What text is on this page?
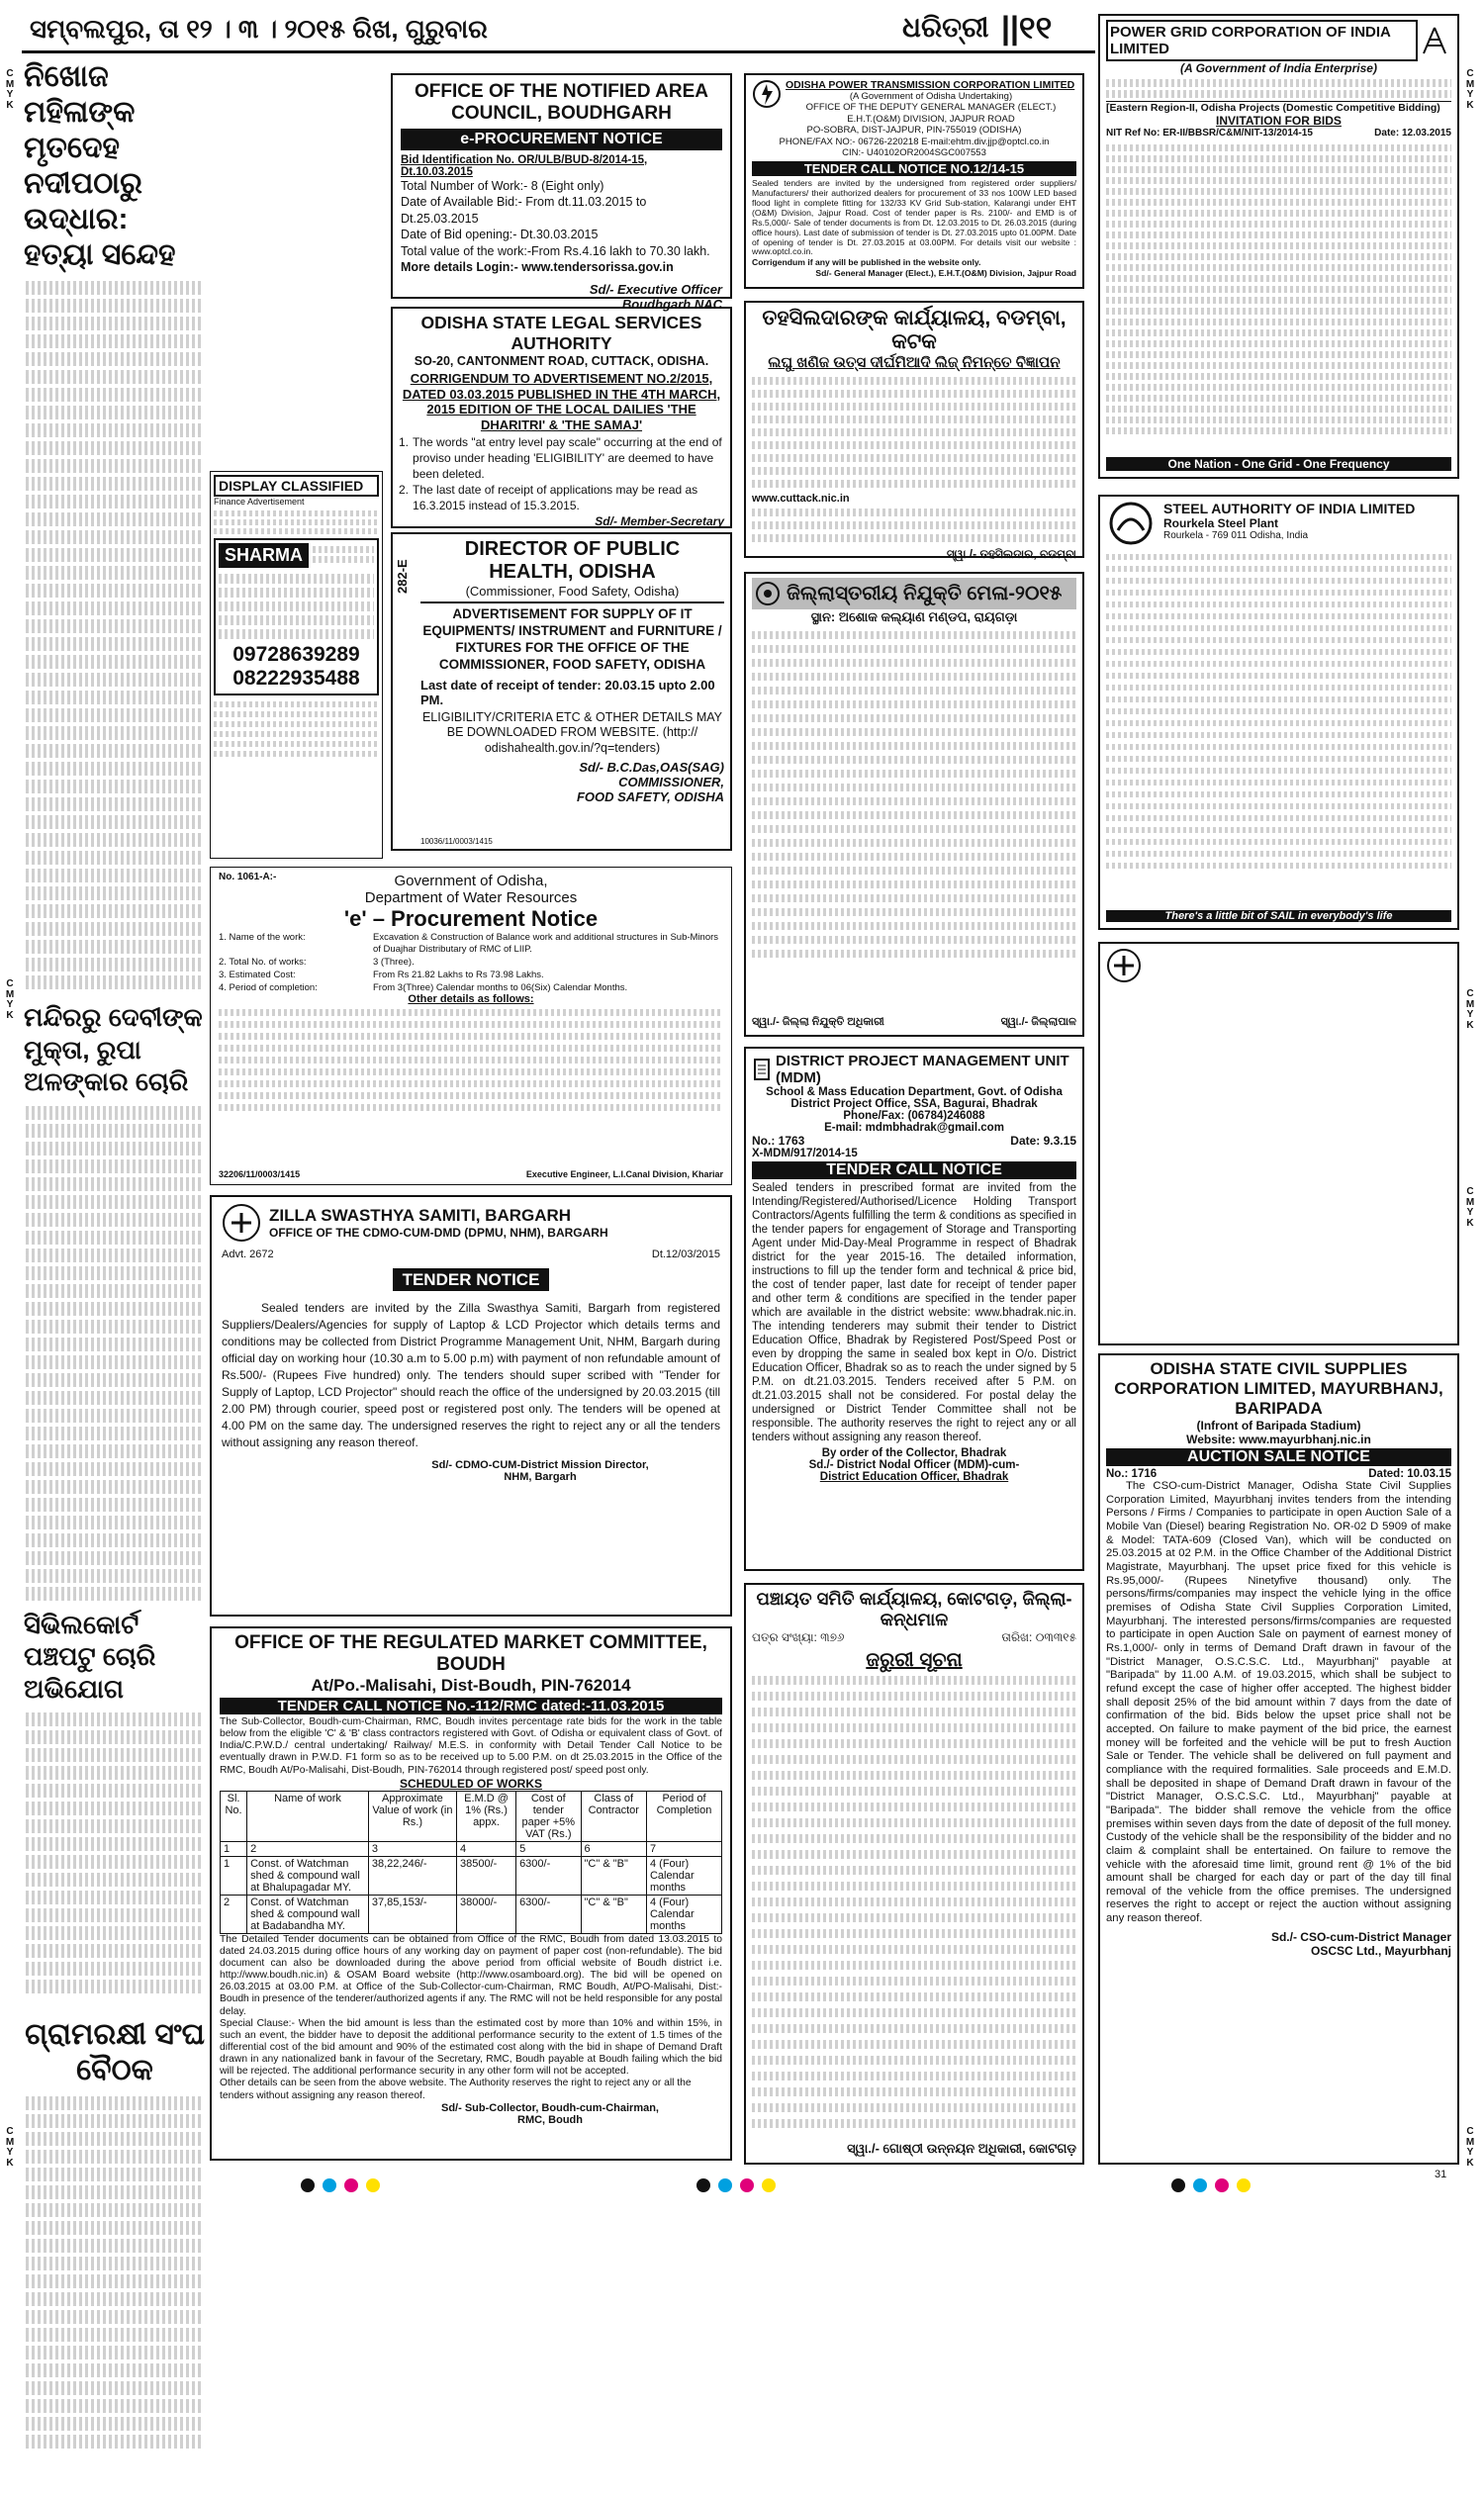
C
M
Y
K
C
M
Y
K
C
M
Y
K
C
M
Y
K
C
M
Y
K
C
M
Y
K
C
M
Y
K
ସମ୍ବଲପୁର, ତା ୧୨ । ୩ । ୨୦୧୫ ରିଖ, ଗୁରୁବାର	ଧରିତ୍ରୀ ||୧୧
ନିଖୋଜ ମହିଳାଙ୍କ ମୃତଦେହ ନଦୀପଠାରୁ ଉଦ୍ଧାର: ହତ୍ୟା ସନ୍ଦେହ
ମନ୍ଦିରରୁ ଦେବୀଙ୍କ ମୁକ୍ତା, ରୁପା ଅଳଙ୍କାର ଚୋରି
ସିଭିଲକୋର୍ଟ ପଞ୍ଚପଟୁ ଚୋରି ଅଭିଯୋଗ
ଗ୍ରାମରକ୍ଷୀ ସଂଘ ବୈଠକ
OFFICE OF THE NOTIFIED AREA COUNCIL, BOUDHGARH
e-PROCUREMENT NOTICE
Bid Identification No. OR/ULB/BUD-8/2014-15, Dt.10.03.2015
Total Number of Work:- 8 (Eight only)
Date of Available Bid:- From dt.11.03.2015 to Dt.25.03.2015
Date of Bid opening:- Dt.30.03.2015
Total value of the work:-From Rs.4.16 lakh to 70.30 lakh.
More details Login:- www.tendersorissa.gov.in
Sd/- Executive Officer
Boudhgarh NAC
ODISHA POWER TRANSMISSION CORPORATION LIMITED
(A Government of Odisha Undertaking)
OFFICE OF THE DEPUTY GENERAL MANAGER (ELECT.)
E.H.T.(O&M) DIVISION, JAJPUR ROAD
PO-SOBRA, DIST-JAJPUR, PIN-755019 (ODISHA)
PHONE/FAX NO:- 06726-220218 E-mail:ehtm.div.jjp@optcl.co.in
CIN:- U40102OR2004SGC007553
TENDER CALL NOTICE NO.12/14-15
Sealed tenders are invited by the undersigned from registered order suppliers/ Manufacturers/ their authorized dealers for procurement of 33 nos 100W LED based flood light in complete fitting for 132/33 KV Grid Sub-station, Kalarangi under EHT (O&M) Division, Jajpur Road. Cost of tender paper is Rs. 2100/- and EMD is of Rs.5,000/- Sale of tender documents is from Dt. 12.03.2015 to Dt. 26.03.2015 (during office hours). Last date of submission of tender is Dt. 27.03.2015 upto 01.00PM. Date of opening of tender is Dt. 27.03.2015 at 03.00PM. For details visit our website : www.optcl.co.in.
Corrigendum if any will be published in the website only.
Sd/- General Manager (Elect.), E.H.T.(O&M) Division, Jajpur Road
POWER GRID CORPORATION OF INDIA LIMITED
(A Government of India Enterprise)
[Eastern Region-II, Odisha Projects (Domestic Competitive Bidding)
INVITATION FOR BIDS
NIT Ref No: ER-II/BBSR/C&M/NIT-13/2014-15	Date: 12.03.2015
One Nation - One Grid - One Frequency
STEEL AUTHORITY OF INDIA LIMITED
Rourkela Steel Plant
Rourkela - 769 011 Odisha, India
There's a little bit of SAIL in everybody's life
ODISHA STATE LEGAL SERVICES AUTHORITY
SO-20, CANTONMENT ROAD, CUTTACK, ODISHA.
CORRIGENDUM TO ADVERTISEMENT NO.2/2015, DATED 03.03.2015 PUBLISHED IN THE 4TH MARCH, 2015 EDITION OF THE LOCAL DAILIES 'THE DHARITRI' & 'THE SAMAJ'
1. The words "at entry level pay scale" occurring at the end of proviso under heading 'ELIGIBILITY' are deemed to have been deleted.
2. The last date of receipt of applications may be read as 16.3.2015 instead of 15.3.2015.
Sd/- Member-Secretary
ତହସିଲଦାରଙ୍କ କାର୍ଯ୍ୟାଳୟ, ବଡମ୍ବା, କଟକ
ଲଘୁ ଖଣିଜ ଉତ୍ସ ଦୀର୍ଘମିଆଦି ଲିଜ୍ ନିମନ୍ତେ ବିଜ୍ଞାପନ
www.cuttack.nic.in
ସ୍ୱା./- ତହସିଲଦାର, ବଡମ୍ବା
DISPLAY CLASSIFIED
Finance Advertisement
SHARMA
09728639289
08222935488
282-E
DIRECTOR OF PUBLIC HEALTH, ODISHA
(Commissioner, Food Safety, Odisha)
ADVERTISEMENT FOR SUPPLY OF IT EQUIPMENTS/ INSTRUMENT and FURNITURE / FIXTURES FOR THE OFFICE OF THE COMMISSIONER, FOOD SAFETY, ODISHA
Last date of receipt of tender: 20.03.15 upto 2.00 PM.
ELIGIBILITY/CRITERIA ETC & OTHER DETAILS MAY BE DOWNLOADED FROM WEBSITE. (http:// odishahealth.gov.in/?q=tenders)
Sd/- B.C.Das,OAS(SAG)
COMMISSIONER,
FOOD SAFETY, ODISHA
10036/11/0003/1415
ଜିଲ୍ଲାସ୍ତରୀୟ ନିଯୁକ୍ତି ମେଳା-୨୦୧୫
ସ୍ଥାନ: ଅଶୋକ କଲ୍ୟାଣ ମଣ୍ଡପ, ରାୟଗଡ଼ା
ସ୍ୱା./- ଜିଲ୍ଲା ନିଯୁକ୍ତି ଅଧିକାରୀ	ସ୍ୱା./- ଜିଲ୍ଲାପାଳ
No. 1061-A:-	Government of Odisha,
Department of Water Resources
'e' – Procurement Notice
1. Name of the work:	Excavation & Construction of Balance work and additional structures in Sub-Minors of Duajhar Distributary of RMC of LIIP.
2. Total No. of works:	3 (Three).
3. Estimated Cost:	From Rs 21.82 Lakhs to Rs 73.98 Lakhs.
4. Period of completion:	From 3(Three) Calendar months to 06(Six) Calendar Months.
Other details as follows:
32206/11/0003/1415	Executive Engineer, L.I.Canal Division, Khariar
DISTRICT PROJECT MANAGEMENT UNIT (MDM)
School & Mass Education Department, Govt. of Odisha
District Project Office, SSA, Bagurai, Bhadrak
Phone/Fax: (06784)246088
E-mail: mdmbhadrak@gmail.com
No.: 1763	Date: 9.3.15
X-MDM/917/2014-15
TENDER CALL NOTICE
Sealed tenders in prescribed format are invited from the Intending/Registered/Authorised/Licence Holding Transport Contractors/Agents fulfilling the term & conditions as specified in the tender papers for engagement of Storage and Transporting Agent under Mid-Day-Meal Programme in respect of Bhadrak district for the year 2015-16. The detailed information, instructions to fill up the tender form and technical & price bid, the cost of tender paper, last date for receipt of tender paper and other term & conditions are specified in the tender paper which are available in the district website: www.bhadrak.nic.in. The intending tenderers may submit their tender to District Education Office, Bhadrak by Registered Post/Speed Post or even by dropping the same in sealed box kept in O/o. District Education Officer, Bhadrak so as to reach the under signed by 5 P.M. on dt.21.03.2015. Tenders received after 5 P.M. on dt.21.03.2015 shall not be considered. For postal delay the undersigned or District Tender Committee shall not be responsible. The authority reserves the right to reject any or all tenders without assigning any reason thereof.
By order of the Collector, Bhadrak
Sd./- District Nodal Officer (MDM)-cum-
District Education Officer, Bhadrak
ZILLA SWASTHYA SAMITI, BARGARH
OFFICE OF THE CDMO-CUM-DMD (DPMU, NHM), BARGARH
Advt. 2672	Dt.12/03/2015
TENDER NOTICE
Sealed tenders are invited by the Zilla Swasthya Samiti, Bargarh from registered Suppliers/Dealers/Agencies for supply of Laptop & LCD Projector which details terms and conditions may be collected from District Programme Management Unit, NHM, Bargarh during official day on working hour (10.30 a.m to 5.00 p.m) with payment of non refundable amount of Rs.500/- (Rupees Five hundred) only. The tenders should super scribed with "Tender for Supply of Laptop, LCD Projector" should reach the office of the undersigned by 20.03.2015 (till 2.00 PM) through courier, speed post or registered post only. The tenders will be opened at 4.00 PM on the same day. The undersigned reserves the right to reject any or all the tenders without assigning any reason thereof.
Sd/- CDMO-CUM-District Mission Director,
NHM, Bargarh
ODISHA STATE CIVIL SUPPLIES CORPORATION LIMITED, MAYURBHANJ, BARIPADA
(Infront of Baripada Stadium)
Website: www.mayurbhanj.nic.in
AUCTION SALE NOTICE
No.: 1716	Dated: 10.03.15
The CSO-cum-District Manager, Odisha State Civil Supplies Corporation Limited, Mayurbhanj invites tenders from the intending Persons / Firms / Companies to participate in open Auction Sale of a Mobile Van (Diesel) bearing Registration No. OR-02 D 5909 of make & Model: TATA-609 (Closed Van), which will be conducted on 25.03.2015 at 02 P.M. in the Office Chamber of the Additional District Magistrate, Mayurbhanj. The upset price fixed for this vehicle is Rs.95,000/- (Rupees Ninetyfive thousand) only. The persons/firms/companies may inspect the vehicle lying in the office premises of Odisha State Civil Supplies Corporation Limited, Mayurbhanj. The interested persons/firms/companies are requested to participate in open Auction Sale on payment of earnest money of Rs.1,000/- only in terms of Demand Draft drawn in favour of the "District Manager, O.S.C.S.C. Ltd., Mayurbhanj" payable at "Baripada" by 11.00 A.M. of 19.03.2015, which shall be subject to refund except the case of higher offer accepted. The highest bidder shall deposit 25% of the bid amount within 7 days from the date of confirmation of the bid. Bids below the upset price shall not be accepted. On failure to make payment of the bid price, the earnest money will be forfeited and the vehicle will be put to fresh Auction Sale or Tender. The vehicle shall be delivered on full payment and compliance with the required formalities. Sale proceeds and E.M.D. shall be deposited in shape of Demand Draft drawn in favour of the "District Manager, O.S.C.S.C. Ltd., Mayurbhanj" payable at "Baripada". The bidder shall remove the vehicle from the office premises within seven days from the date of deposit of the full money. Custody of the vehicle shall be the responsibility of the bidder and no claim & complaint shall be entertained. On failure to remove the vehicle with the aforesaid time limit, ground rent @ 1% of the bid amount shall be charged for each day or part of the day till final removal of the vehicle from the office premises. The undersigned reserves the right to accept or reject the auction without assigning any reason thereof.
Sd./- CSO-cum-District Manager
OSCSC Ltd., Mayurbhanj
OFFICE OF THE REGULATED MARKET COMMITTEE, BOUDH
At/Po.-Malisahi, Dist-Boudh, PIN-762014
TENDER CALL NOTICE No.-112/RMC dated:-11.03.2015
The Sub-Collector, Boudh-cum-Chairman, RMC, Boudh invites percentage rate bids for the work in the table below from the eligible 'C' & 'B' class contractors registered with Govt. of Odisha or equivalent class of Govt. of India/C.P.W.D./ central undertaking/ Railway/ M.E.S. in conformity with Detail Tender Call Notice to be eventually drawn in P.W.D. F1 form so as to be received up to 5.00 P.M. on dt 25.03.2015 in the Office of the RMC, Boudh At/Po-Malisahi, Dist-Boudh, PIN-762014 through registered post/ speed post only.
SCHEDULED OF WORKS
Sl. No.	Name of work	Approximate Value of work (in Rs.)	E.M.D @ 1% (Rs.) appx.	Cost of tender paper +5% VAT (Rs.)	Class of Contractor	Period of Completion
1	2	3	4	5	6	7
1	Const. of Watchman shed & compound wall at Bhalupagadar MY.	38,22,246/-	38500/-	6300/-	"C" & "B"	4 (Four) Calendar months
2	Const. of Watchman shed & compound wall at Badabandha MY.	37,85,153/-	38000/-	6300/-	"C" & "B"	4 (Four) Calendar months
The Detailed Tender documents can be obtained from Office of the RMC, Boudh from dated 13.03.2015 to dated 24.03.2015 during office hours of any working day on payment of paper cost (non-refundable). The bid document can also be downloaded during the above period from official website of Boudh district i.e. http://www.boudh.nic.in) & OSAM Board website (http://www.osamboard.org). The bid will be opened on 26.03.2015 at 03.00 P.M. at Office of the Sub-Collector-cum-Chairman, RMC Boudh, At/PO-Malisahi, Dist:- Boudh in presence of the tenderer/authorized agents if any. The RMC will not be held responsible for any postal delay.
Special Clause:- When the bid amount is less than the estimated cost by more than 10% and within 15%, in such an event, the bidder have to deposit the additional performance security to the extent of 1.5 times of the differential cost of the bid amount and 90% of the estimated cost along with the bid in shape of Demand Draft drawn in any nationalized bank in favour of the Secretary, RMC, Boudh payable at Boudh failing which the bid will be rejected. The additional performance security in any other form will not be accepted.
Other details can be seen from the above website. The Authority reserves the right to reject any or all the tenders without assigning any reason thereof.
Sd/- Sub-Collector, Boudh-cum-Chairman,
RMC, Boudh
ପଞ୍ଚାୟତ ସମିତି କାର୍ଯ୍ୟାଳୟ, କୋଟଗଡ଼, ଜିଲ୍ଲା- କନ୍ଧମାଳ
ପତ୍ର ସଂଖ୍ୟା: ୩୭୬	ତାରିଖ: ୦୩୩୧୫
ଜରୁରୀ ସୂଚନା
ସ୍ୱା./- ଗୋଷ୍ଠୀ ଉନ୍ନୟନ ଅଧିକାରୀ, କୋଟଗଡ଼
31
